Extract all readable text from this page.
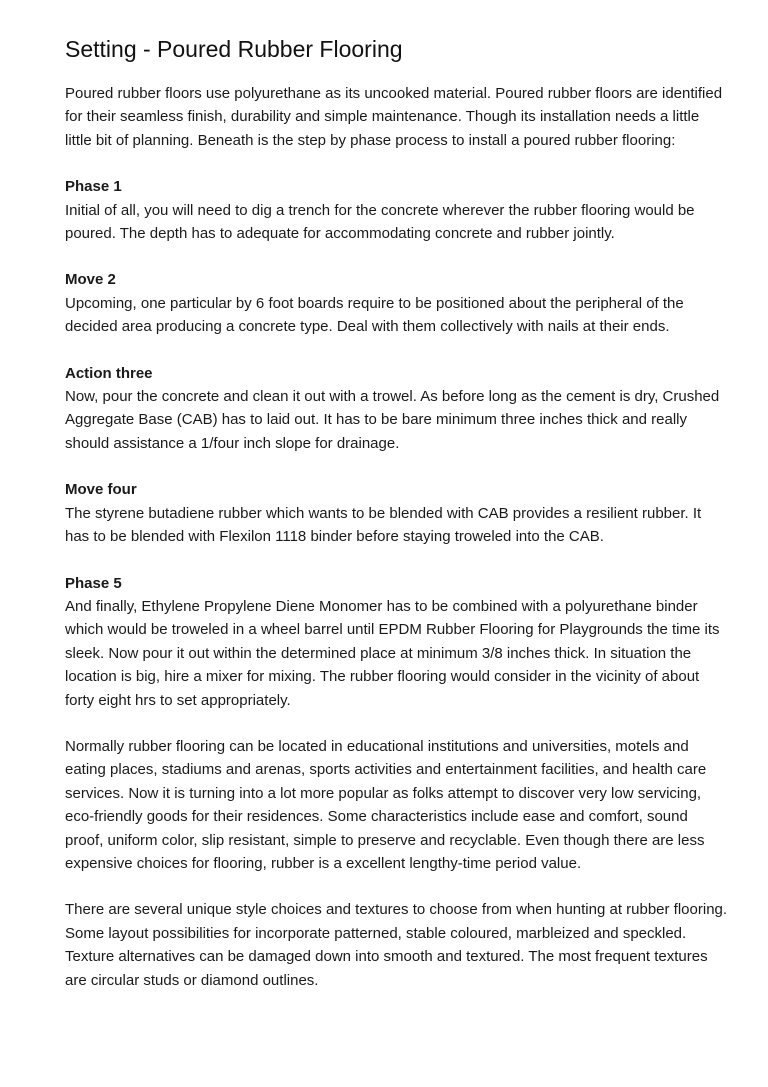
Setting - Poured Rubber Flooring

Poured rubber floors use polyurethane as its uncooked material. Poured rubber floors are identified for their seamless finish, durability and simple maintenance. Though its installation needs a little little bit of planning. Beneath is the step by phase process to install a poured rubber flooring:

Phase 1

Initial of all, you will need to dig a trench for the concrete wherever the rubber flooring would be poured. The depth has to adequate for accommodating concrete and rubber jointly.

Move 2

Upcoming, one particular by 6 foot boards require to be positioned about the peripheral of the decided area producing a concrete type. Deal with them collectively with nails at their ends.

Action three

Now, pour the concrete and clean it out with a trowel. As before long as the cement is dry, Crushed Aggregate Base (CAB) has to laid out. It has to be bare minimum three inches thick and really should assistance a 1/four inch slope for drainage.

Move four

The styrene butadiene rubber which wants to be blended with CAB provides a resilient rubber. It has to be blended with Flexilon 1118 binder before staying troweled into the CAB.

Phase 5

And finally, Ethylene Propylene Diene Monomer has to be combined with a polyurethane binder which would be troweled in a wheel barrel until EPDM Rubber Flooring for Playgrounds the time its sleek. Now pour it out within the determined place at minimum 3/8 inches thick. In situation the location is big, hire a mixer for mixing. The rubber flooring would consider in the vicinity of about forty eight hrs to set appropriately.

Normally rubber flooring can be located in educational institutions and universities, motels and eating places, stadiums and arenas, sports activities and entertainment facilities, and health care services. Now it is turning into a lot more popular as folks attempt to discover very low servicing, eco-friendly goods for their residences. Some characteristics include ease and comfort, sound proof, uniform color, slip resistant, simple to preserve and recyclable. Even though there are less expensive choices for flooring, rubber is a excellent lengthy-time period value.

There are several unique style choices and textures to choose from when hunting at rubber flooring. Some layout possibilities for incorporate patterned, stable coloured, marbleized and speckled. Texture alternatives can be damaged down into smooth and textured. The most frequent textures are circular studs or diamond outlines.
